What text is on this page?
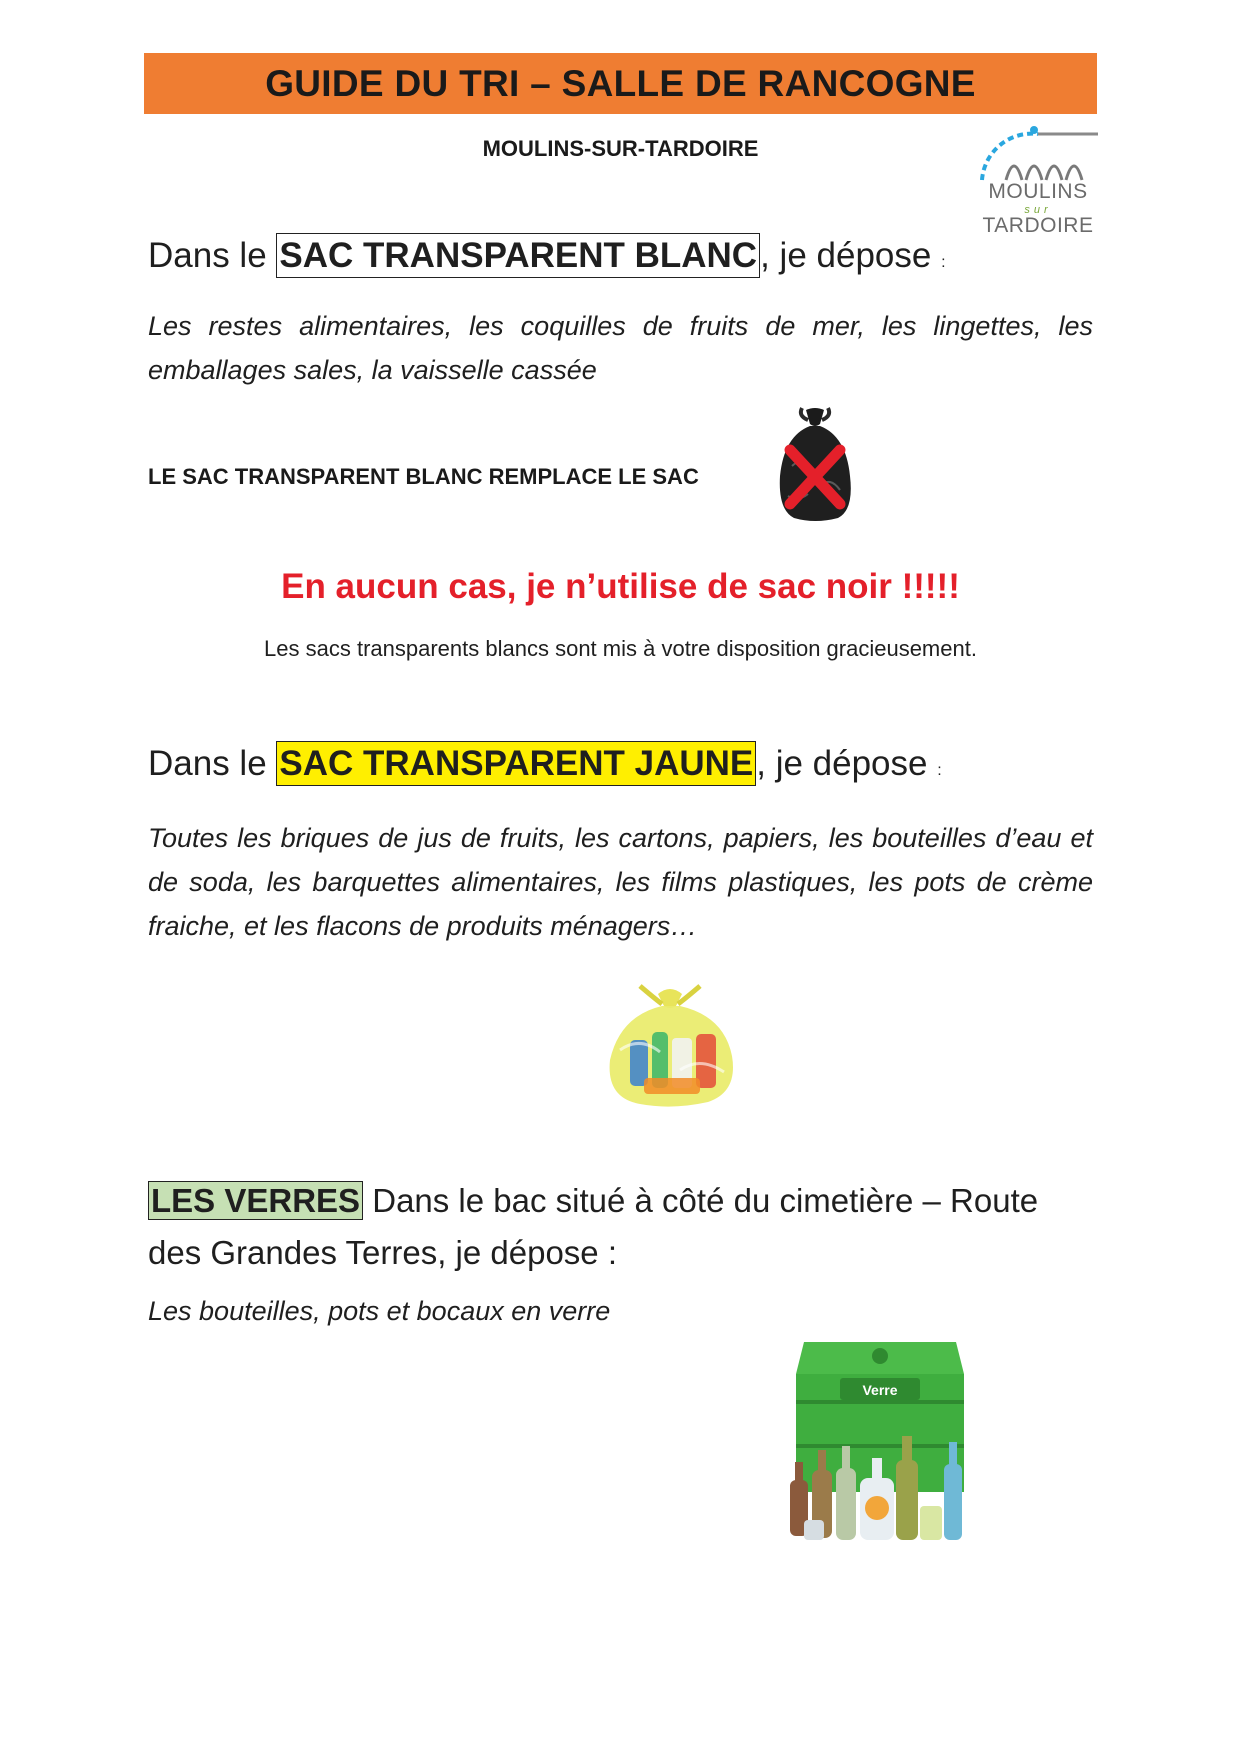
GUIDE DU TRI – SALLE DE RANCOGNE
MOULINS-SUR-TARDOIRE
MOULINS
sur
TARDOIRE
Dans le SAC TRANSPARENT BLANC, je dépose :
Les restes alimentaires, les coquilles de fruits de mer, les lingettes, les emballages sales, la vaisselle cassée
LE SAC TRANSPARENT BLANC REMPLACE LE SAC
En aucun cas, je n’utilise de sac noir !!!!!
Les sacs transparents blancs sont mis à votre disposition gracieusement.
Dans le SAC TRANSPARENT JAUNE, je dépose :
Toutes les briques de jus de fruits, les cartons, papiers, les bouteilles d’eau et de soda, les barquettes alimentaires, les films plastiques, les pots de crème fraiche, et les flacons de produits ménagers…
LES VERRES Dans le bac situé à côté du cimetière – Route des Grandes Terres, je dépose :
Les bouteilles, pots et bocaux en verre
Verre
